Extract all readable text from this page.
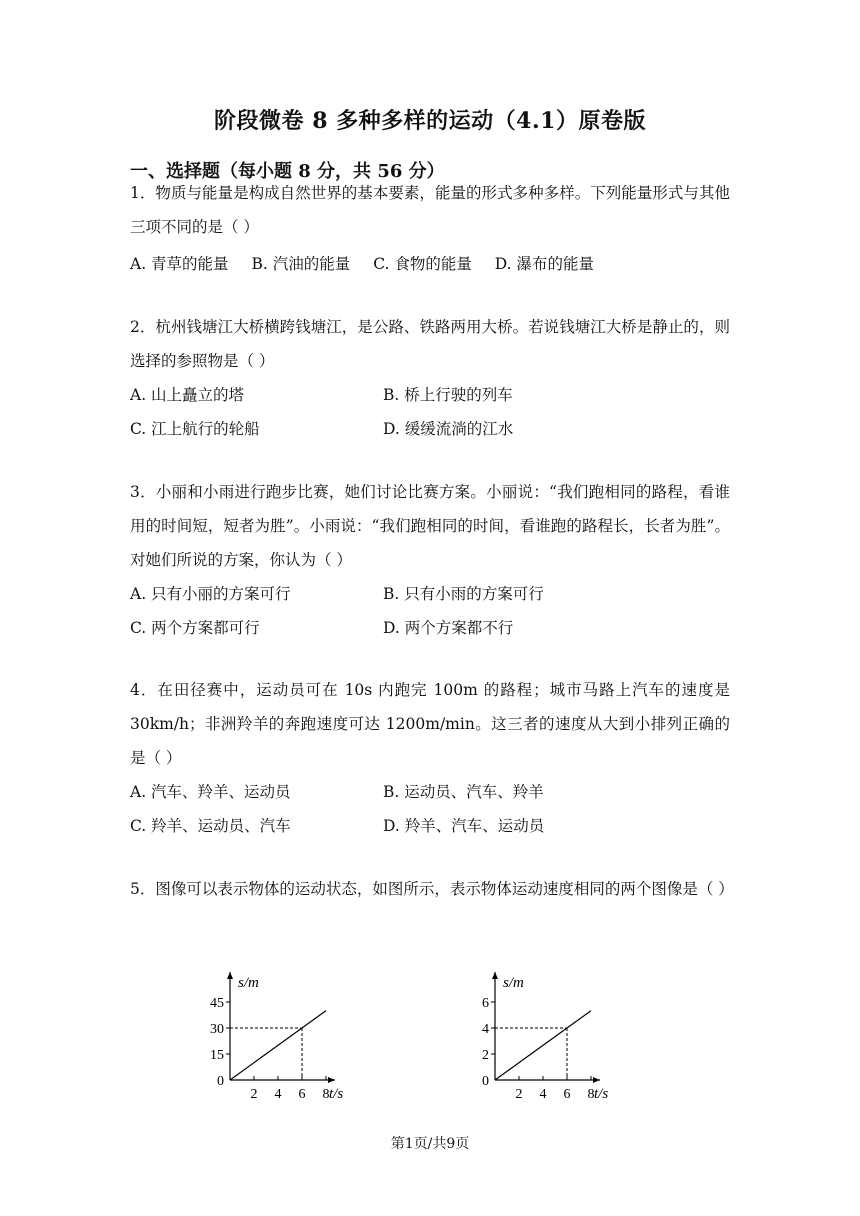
阶段微卷 8 多种多样的运动（4.1）原卷版
一、选择题（每小题 8 分，共 56 分）
1．物质与能量是构成自然世界的基本要素，能量的形式多种多样。下列能量形式与其他三项不同的是（ ）
A. 青草的能量 B. 汽油的能量 C. 食物的能量 D. 瀑布的能量
2．杭州钱塘江大桥横跨钱塘江，是公路、铁路两用大桥。若说钱塘江大桥是静止的，则选择的参照物是（ ）
A. 山上矗立的塔	B. 桥上行驶的列车
C. 江上航行的轮船	D. 缓缓流淌的江水
3．小丽和小雨进行跑步比赛，她们讨论比赛方案。小丽说：“我们跑相同的路程，看谁用的时间短，短者为胜”。小雨说：“我们跑相同的时间，看谁跑的路程长，长者为胜”。对她们所说的方案，你认为（ ）
A. 只有小丽的方案可行	B. 只有小雨的方案可行
C. 两个方案都可行	D. 两个方案都不行
4．在田径赛中，运动员可在 10s 内跑完 100m 的路程；城市马路上汽车的速度是 30km/h；非洲羚羊的奔跑速度可达 1200m/min。这三者的速度从大到小排列正确的是（ ）
A. 汽车、羚羊、运动员	B. 运动员、汽车、羚羊
C. 羚羊、运动员、汽车	D. 羚羊、汽车、运动员
5．图像可以表示物体的运动状态，如图所示，表示物体运动速度相同的两个图像是（ ）
s/m
t/s
0
15
30
45
2 4 6 8
s/m
t/s
0
2
4
6
2 4 6 8
第1页/共9页
